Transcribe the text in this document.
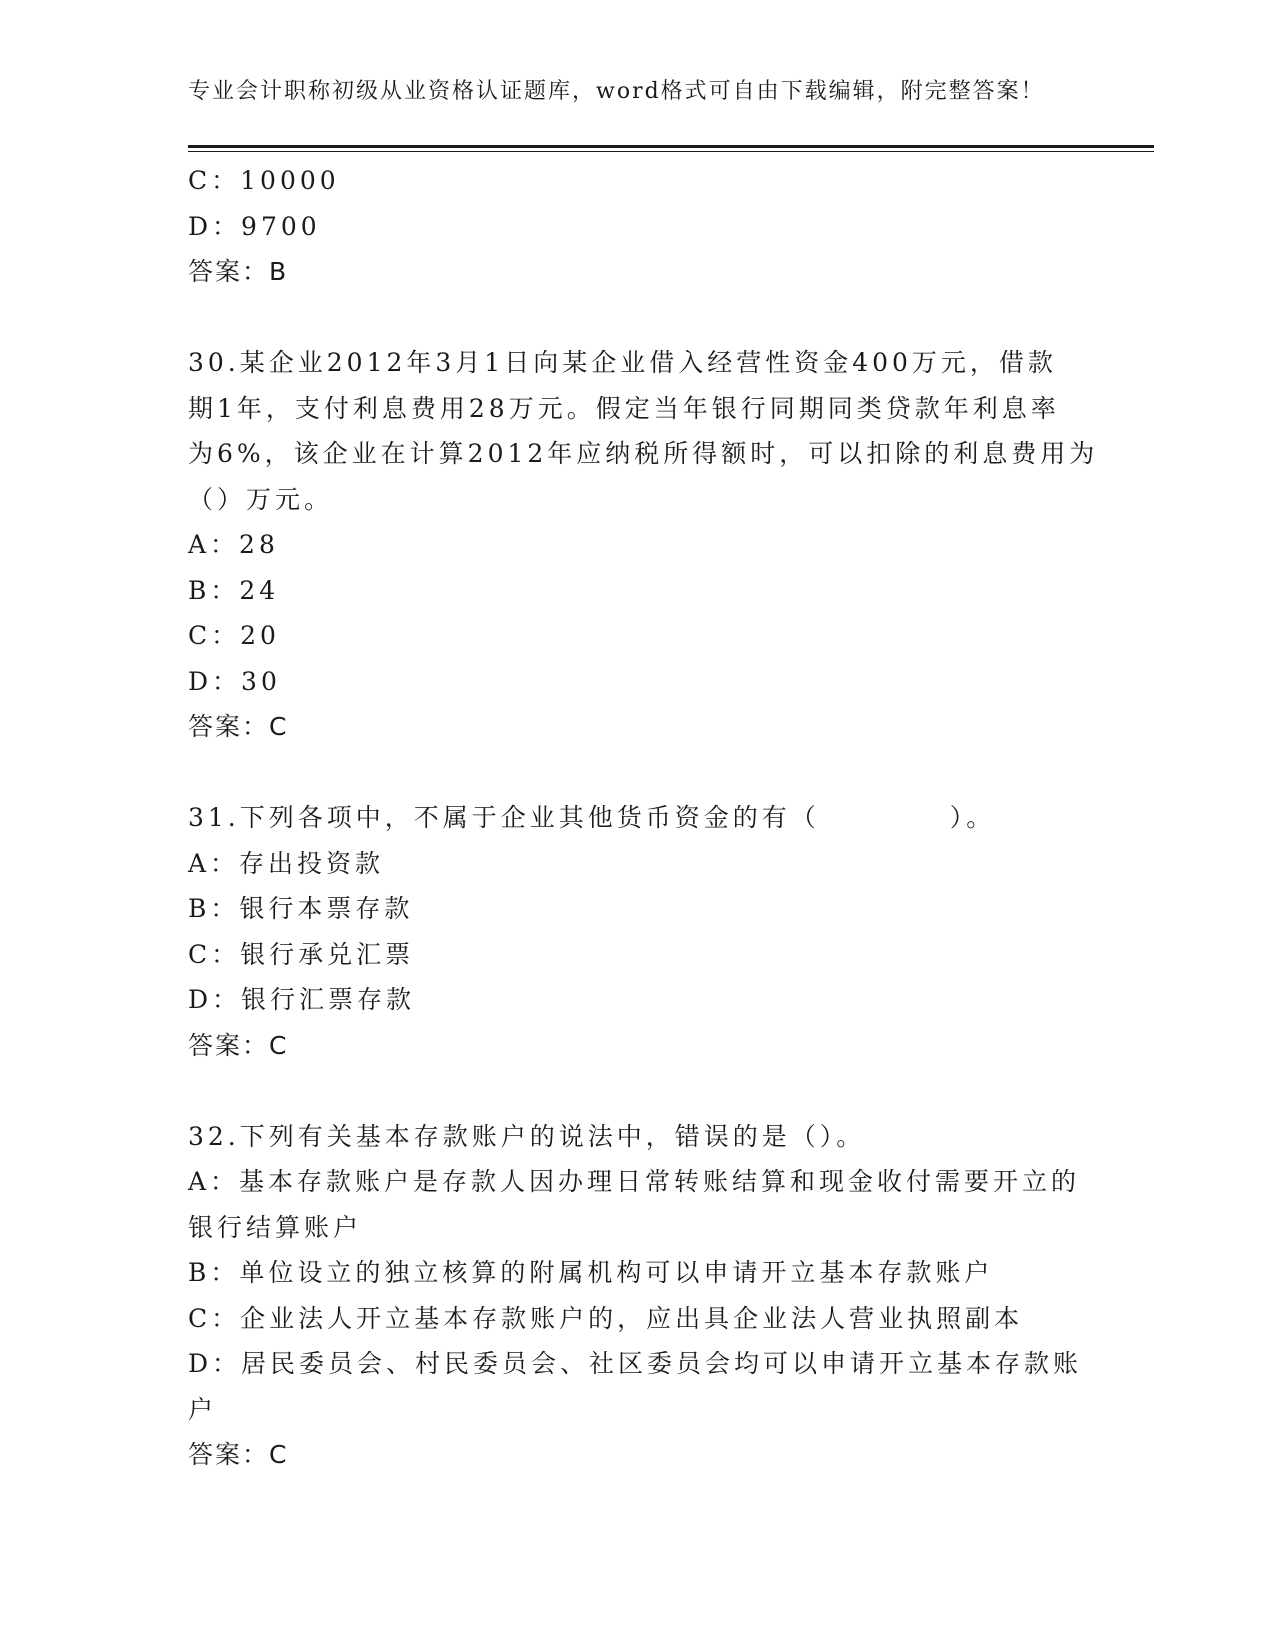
专业会计职称初级从业资格认证题库，word格式可自由下载编辑，附完整答案！
C：10000
D：9700
答案：B
30.某企业2012年3月1日向某企业借入经营性资金400万元，借款
期1年，支付利息费用28万元。假定当年银行同期同类贷款年利息率
为6%，该企业在计算2012年应纳税所得额时，可以扣除的利息费用为
（）万元。
A：28
B：24
C：20
D：30
答案：C
31.下列各项中，不属于企业其他货币资金的有（	）。
A：存出投资款
B：银行本票存款
C：银行承兑汇票
D：银行汇票存款
答案：C
32.下列有关基本存款账户的说法中，错误的是（）。
A：基本存款账户是存款人因办理日常转账结算和现金收付需要开立的
银行结算账户
B：单位设立的独立核算的附属机构可以申请开立基本存款账户
C：企业法人开立基本存款账户的，应出具企业法人营业执照副本
D：居民委员会、村民委员会、社区委员会均可以申请开立基本存款账
户
答案：C
